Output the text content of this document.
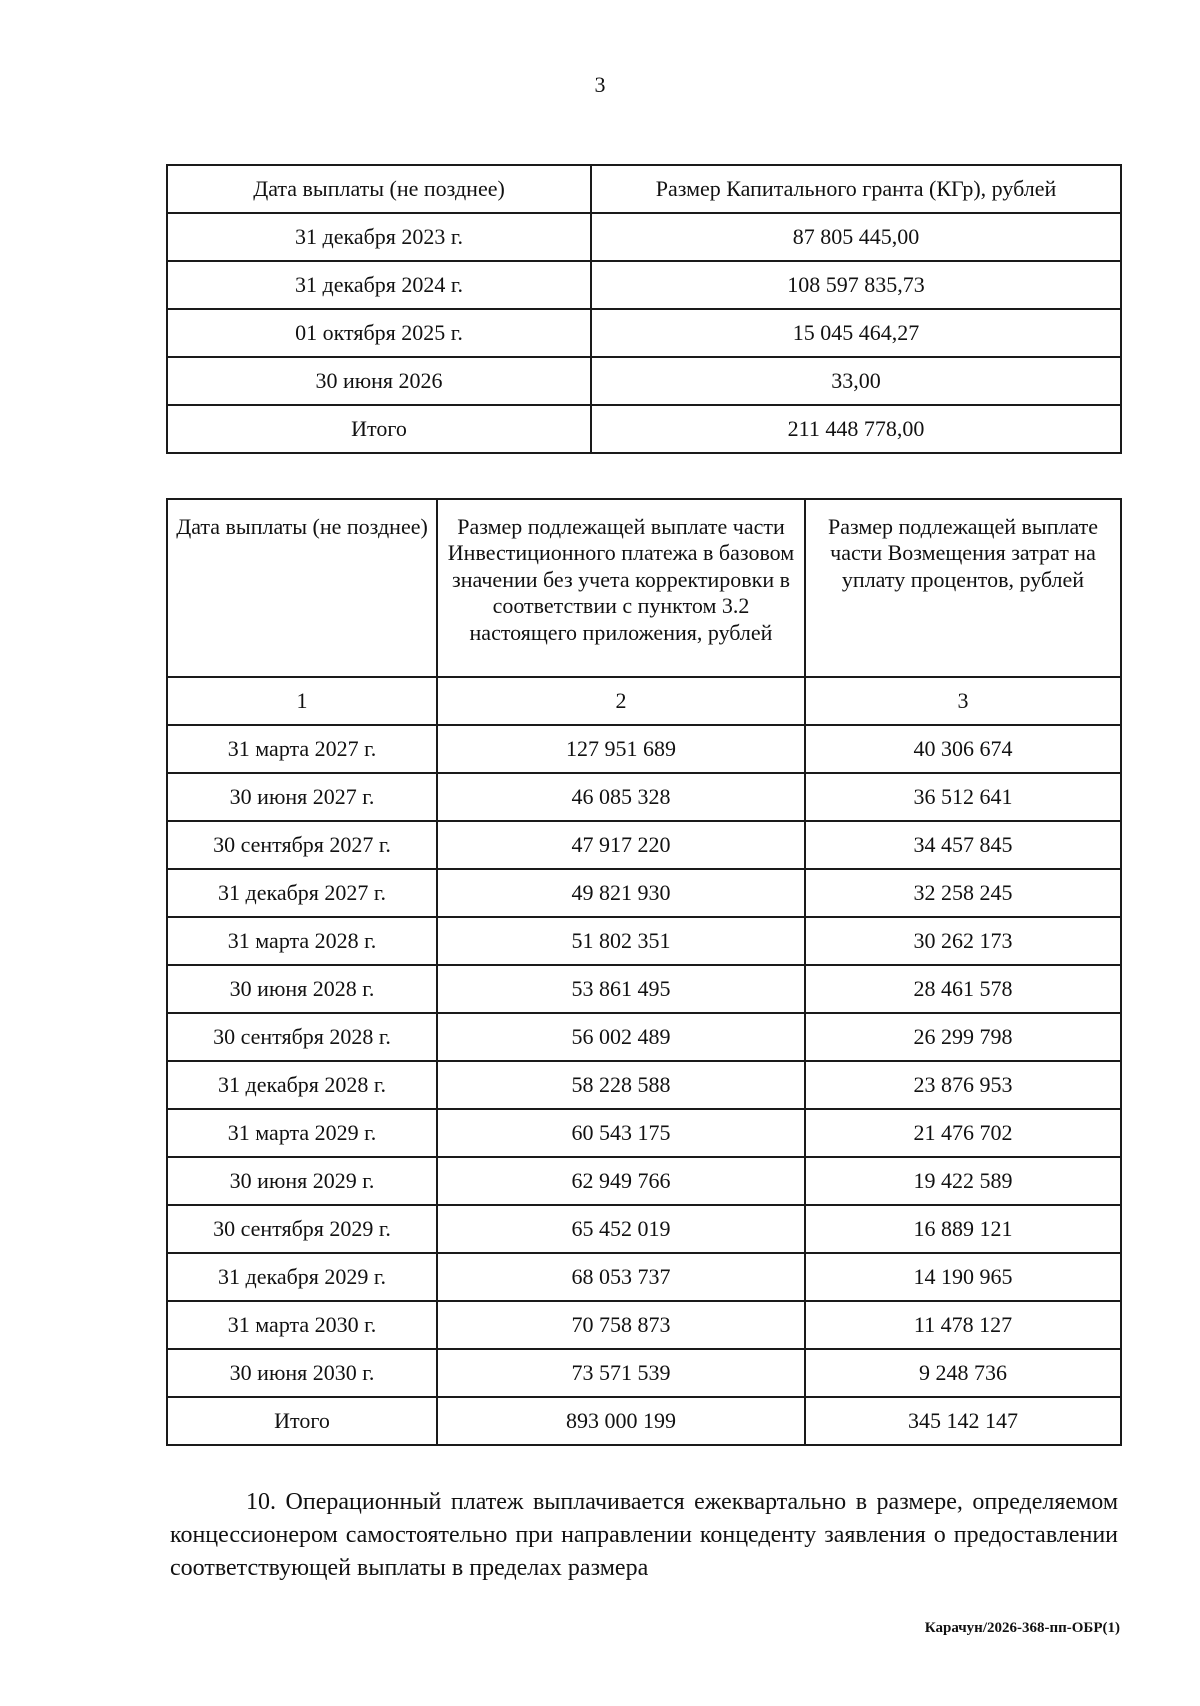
3
Дата выплаты (не позднее)	Размер Капитального гранта (КГр), рублей
31 декабря 2023 г.	87 805 445,00
31 декабря 2024 г.	108 597 835,73
01 октября 2025 г.	15 045 464,27
30 июня 2026	33,00
Итого	211 448 778,00
Дата выплаты (не позднее)	Размер подлежащей выплате части Инвестиционного платежа в базовом значении без учета корректировки в соответствии с пунктом 3.2 настоящего приложения, рублей	Размер подлежащей выплате части Возмещения затрат на уплату процентов, рублей
1	2	3
31 марта 2027 г.	127 951 689	40 306 674
30 июня 2027 г.	46 085 328	36 512 641
30 сентября 2027 г.	47 917 220	34 457 845
31 декабря 2027 г.	49 821 930	32 258 245
31 марта 2028 г.	51 802 351	30 262 173
30 июня 2028 г.	53 861 495	28 461 578
30 сентября 2028 г.	56 002 489	26 299 798
31 декабря 2028 г.	58 228 588	23 876 953
31 марта 2029 г.	60 543 175	21 476 702
30 июня 2029 г.	62 949 766	19 422 589
30 сентября 2029 г.	65 452 019	16 889 121
31 декабря 2029 г.	68 053 737	14 190 965
31 марта 2030 г.	70 758 873	11 478 127
30 июня 2030 г.	73 571 539	9 248 736
Итого	893 000 199	345 142 147
10. Операционный платеж выплачивается ежеквартально в размере, определяемом концессионером самостоятельно при направлении концеденту заявления о предоставлении соответствующей выплаты в пределах размера
Карачун/2026-368-пп-ОБР(1)
